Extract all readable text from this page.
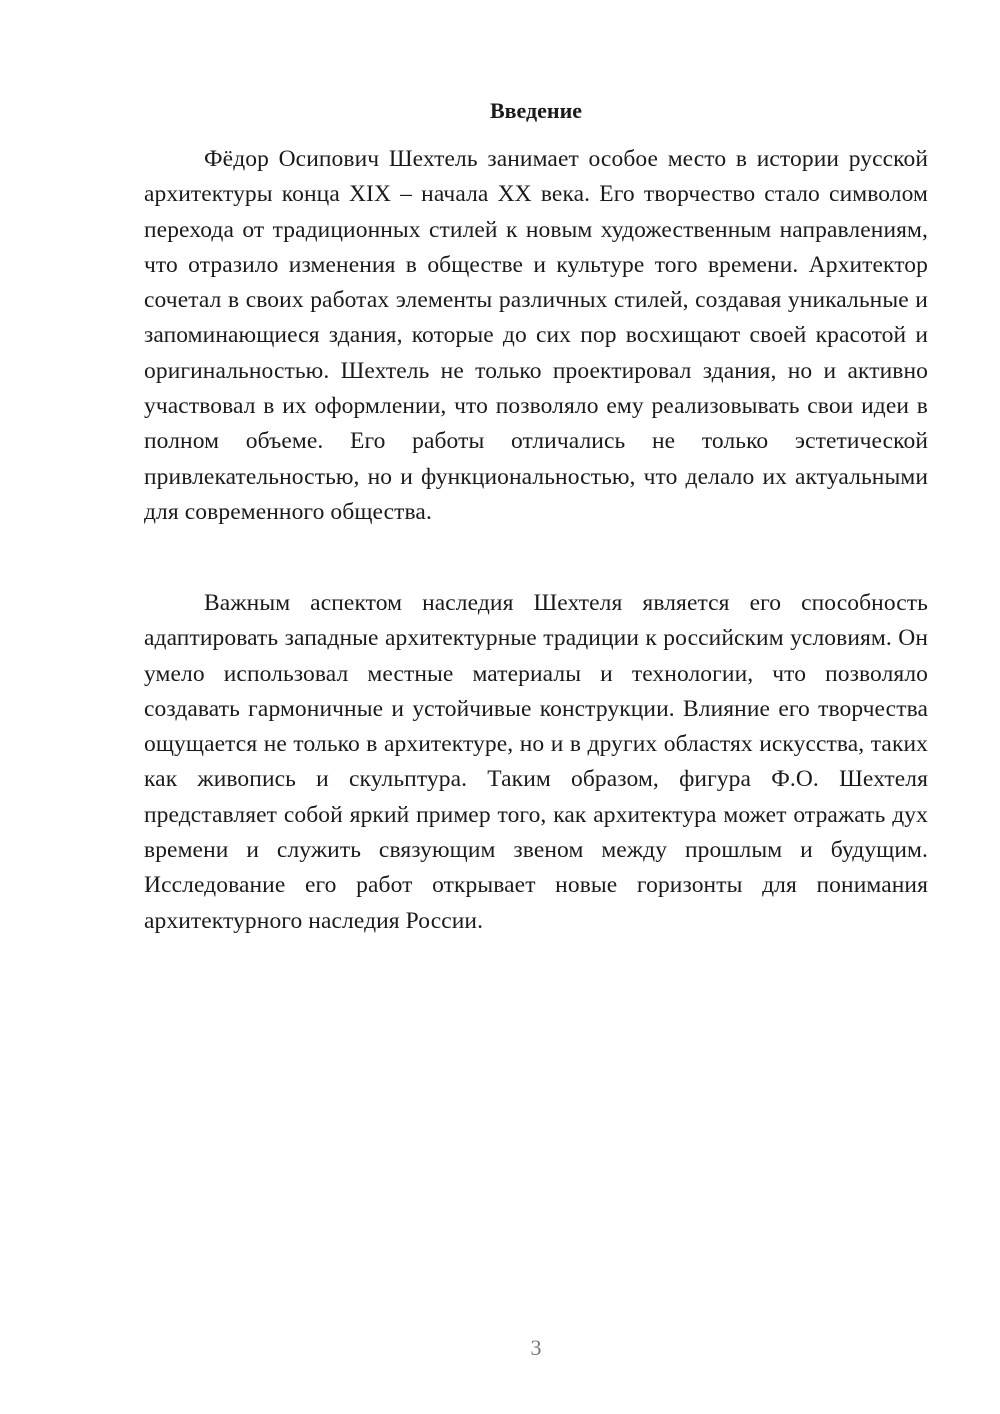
Введение

Фёдор Осипович Шехтель занимает особое место в истории русской архитектуры конца XIX – начала XX века. Его творчество стало символом перехода от традиционных стилей к новым художественным направлениям, что отразило изменения в обществе и культуре того времени. Архитектор сочетал в своих работах элементы различных стилей, создавая уникальные и запоминающиеся здания, которые до сих пор восхищают своей красотой и оригинальностью. Шехтель не только проектировал здания, но и активно участвовал в их оформлении, что позволяло ему реализовывать свои идеи в полном объеме. Его работы отличались не только эстетической привлекательностью, но и функциональностью, что делало их актуальными для современного общества.

Важным аспектом наследия Шехтеля является его способность адаптировать западные архитектурные традиции к российским условиям. Он умело использовал местные материалы и технологии, что позволяло создавать гармоничные и устойчивые конструкции. Влияние его творчества ощущается не только в архитектуре, но и в других областях искусства, таких как живопись и скульптура. Таким образом, фигура Ф.О. Шехтеля представляет собой яркий пример того, как архитектура может отражать дух времени и служить связующим звеном между прошлым и будущим. Исследование его работ открывает новые горизонты для понимания архитектурного наследия России.

3
